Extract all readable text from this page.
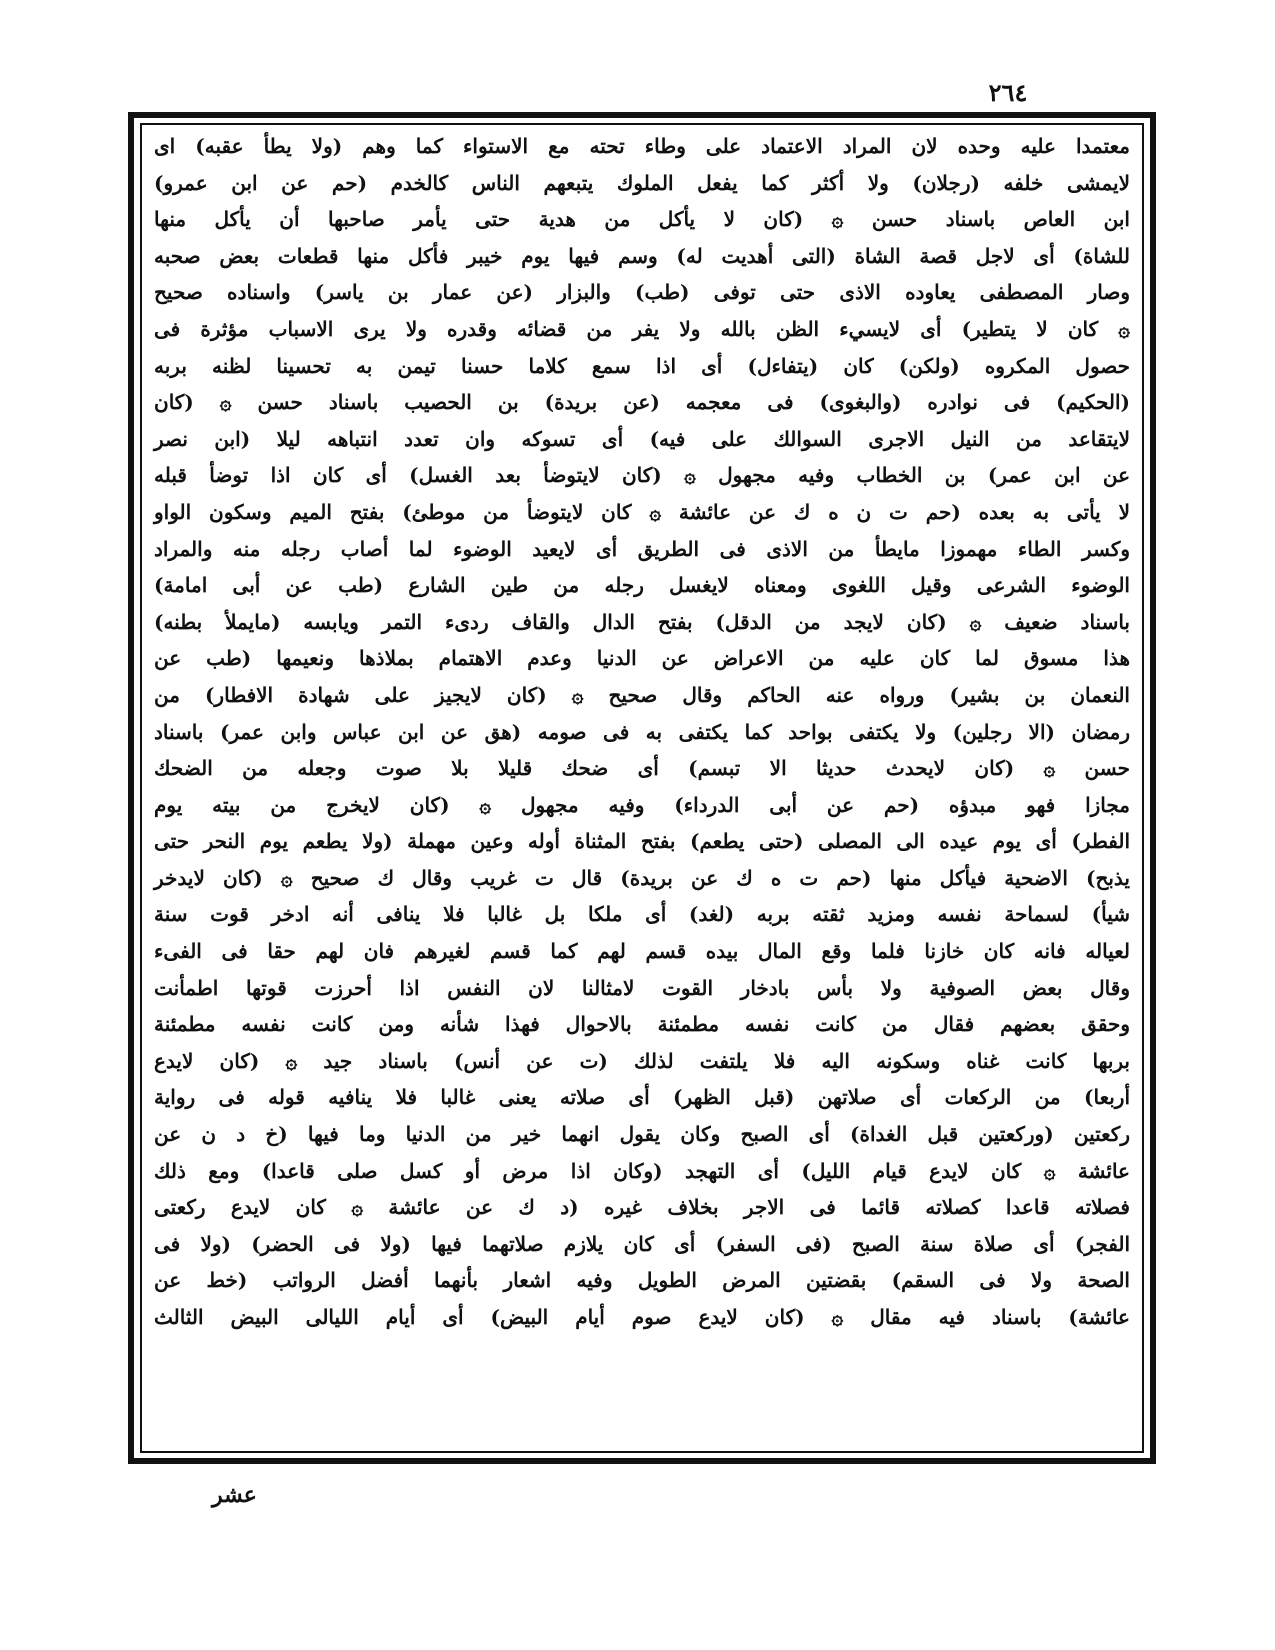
٢٦٤
معتمدا عليه وحده لان المراد الاعتماد على وطاء تحته مع الاستواء كما وهم (ولا يطأ عقبه) اى
لايمشى خلفه (رجلان) ولا أكثر كما يفعل الملوك يتبعهم الناس كالخدم (حم عن ابن عمرو)
ابن العاص باسناد حسن ۞ (كان لا يأكل من هدية حتى يأمر صاحبها أن يأكل منها
للشاة) أى لاجل قصة الشاة (التى أهديت له) وسم فيها يوم خيبر فأكل منها قطعات بعض صحبه
وصار المصطفى يعاوده الاذى حتى توفى (طب) والبزار (عن عمار بن ياسر) واسناده صحيح
۞ كان لا يتطير) أى لايسيء الظن بالله ولا يفر من قضائه وقدره ولا يرى الاسباب مؤثرة فى
حصول المكروه (ولكن) كان (يتفاءل) أى اذا سمع كلاما حسنا تيمن به تحسينا لظنه بربه
(الحكيم) فى نوادره (والبغوى) فى معجمه (عن بريدة) بن الحصيب باسناد حسن ۞ (كان
لايتقاعد من النيل الاجرى السوالك على فيه) أى تسوكه وان تعدد انتباهه ليلا (ابن نصر
عن ابن عمر) بن الخطاب وفيه مجهول ۞ (كان لايتوضأ بعد الغسل) أى كان اذا توضأ قبله
لا يأتى به بعده (حم ت ن ه ك عن عائشة ۞ كان لايتوضأ من موطئ) بفتح الميم وسكون الواو
وكسر الطاء مهموزا مايطأ من الاذى فى الطريق أى لايعيد الوضوء لما أصاب رجله منه والمراد
الوضوء الشرعى وقيل اللغوى ومعناه لايغسل رجله من طين الشارع (طب عن أبى امامة)
باسناد ضعيف ۞ (كان لايجد من الدقل) بفتح الدال والقاف ردىء التمر ويابسه (مايملأ بطنه)
هذا مسوق لما كان عليه من الاعراض عن الدنيا وعدم الاهتمام بملاذها ونعيمها (طب عن
النعمان بن بشير) ورواه عنه الحاكم وقال صحيح ۞ (كان لايجيز على شهادة الافطار) من
رمضان (الا رجلين) ولا يكتفى بواحد كما يكتفى به فى صومه (هق عن ابن عباس وابن عمر) باسناد
حسن ۞ (كان لايحدث حديثا الا تبسم) أى ضحك قليلا بلا صوت وجعله من الضحك
مجازا فهو مبدؤه (حم عن أبى الدرداء) وفيه مجهول ۞ (كان لايخرج من بيته يوم
الفطر) أى يوم عيده الى المصلى (حتى يطعم) بفتح المثناة أوله وعين مهملة (ولا يطعم يوم النحر حتى
يذبح) الاضحية فيأكل منها (حم ت ه ك عن بريدة) قال ت غريب وقال ك صحيح ۞ (كان لايدخر
شيأ) لسماحة نفسه ومزيد ثقته بربه (لغد) أى ملكا بل غالبا فلا ينافى أنه ادخر قوت سنة
لعياله فانه كان خازنا فلما وقع المال بيده قسم لهم كما قسم لغيرهم فان لهم حقا فى الفىء
وقال بعض الصوفية ولا بأس بادخار القوت لامثالنا لان النفس اذا أحرزت قوتها اطمأنت
وحقق بعضهم فقال من كانت نفسه مطمئنة بالاحوال فهذا شأنه ومن كانت نفسه مطمئنة
بربها كانت غناه وسكونه اليه فلا يلتفت لذلك (ت عن أنس) باسناد جيد ۞ (كان لايدع
أربعا) من الركعات أى صلاتهن (قبل الظهر) أى صلاته يعنى غالبا فلا ينافيه قوله فى رواية
ركعتين (وركعتين قبل الغداة) أى الصبح وكان يقول انهما خير من الدنيا وما فيها (خ د ن عن
عائشة ۞ كان لايدع قيام الليل) أى التهجد (وكان اذا مرض أو كسل صلى قاعدا) ومع ذلك
فصلاته قاعدا كصلاته قائما فى الاجر بخلاف غيره (د ك عن عائشة ۞ كان لايدع ركعتى
الفجر) أى صلاة سنة الصبح (فى السفر) أى كان يلازم صلاتهما فيها (ولا فى الحضر) (ولا فى
الصحة ولا فى السقم) بقضتين المرض الطويل وفيه اشعار بأنهما أفضل الرواتب (خط عن
عائشة) باسناد فيه مقال ۞ (كان لايدع صوم أيام البيض) أى أيام الليالى البيض الثالث
عشر
